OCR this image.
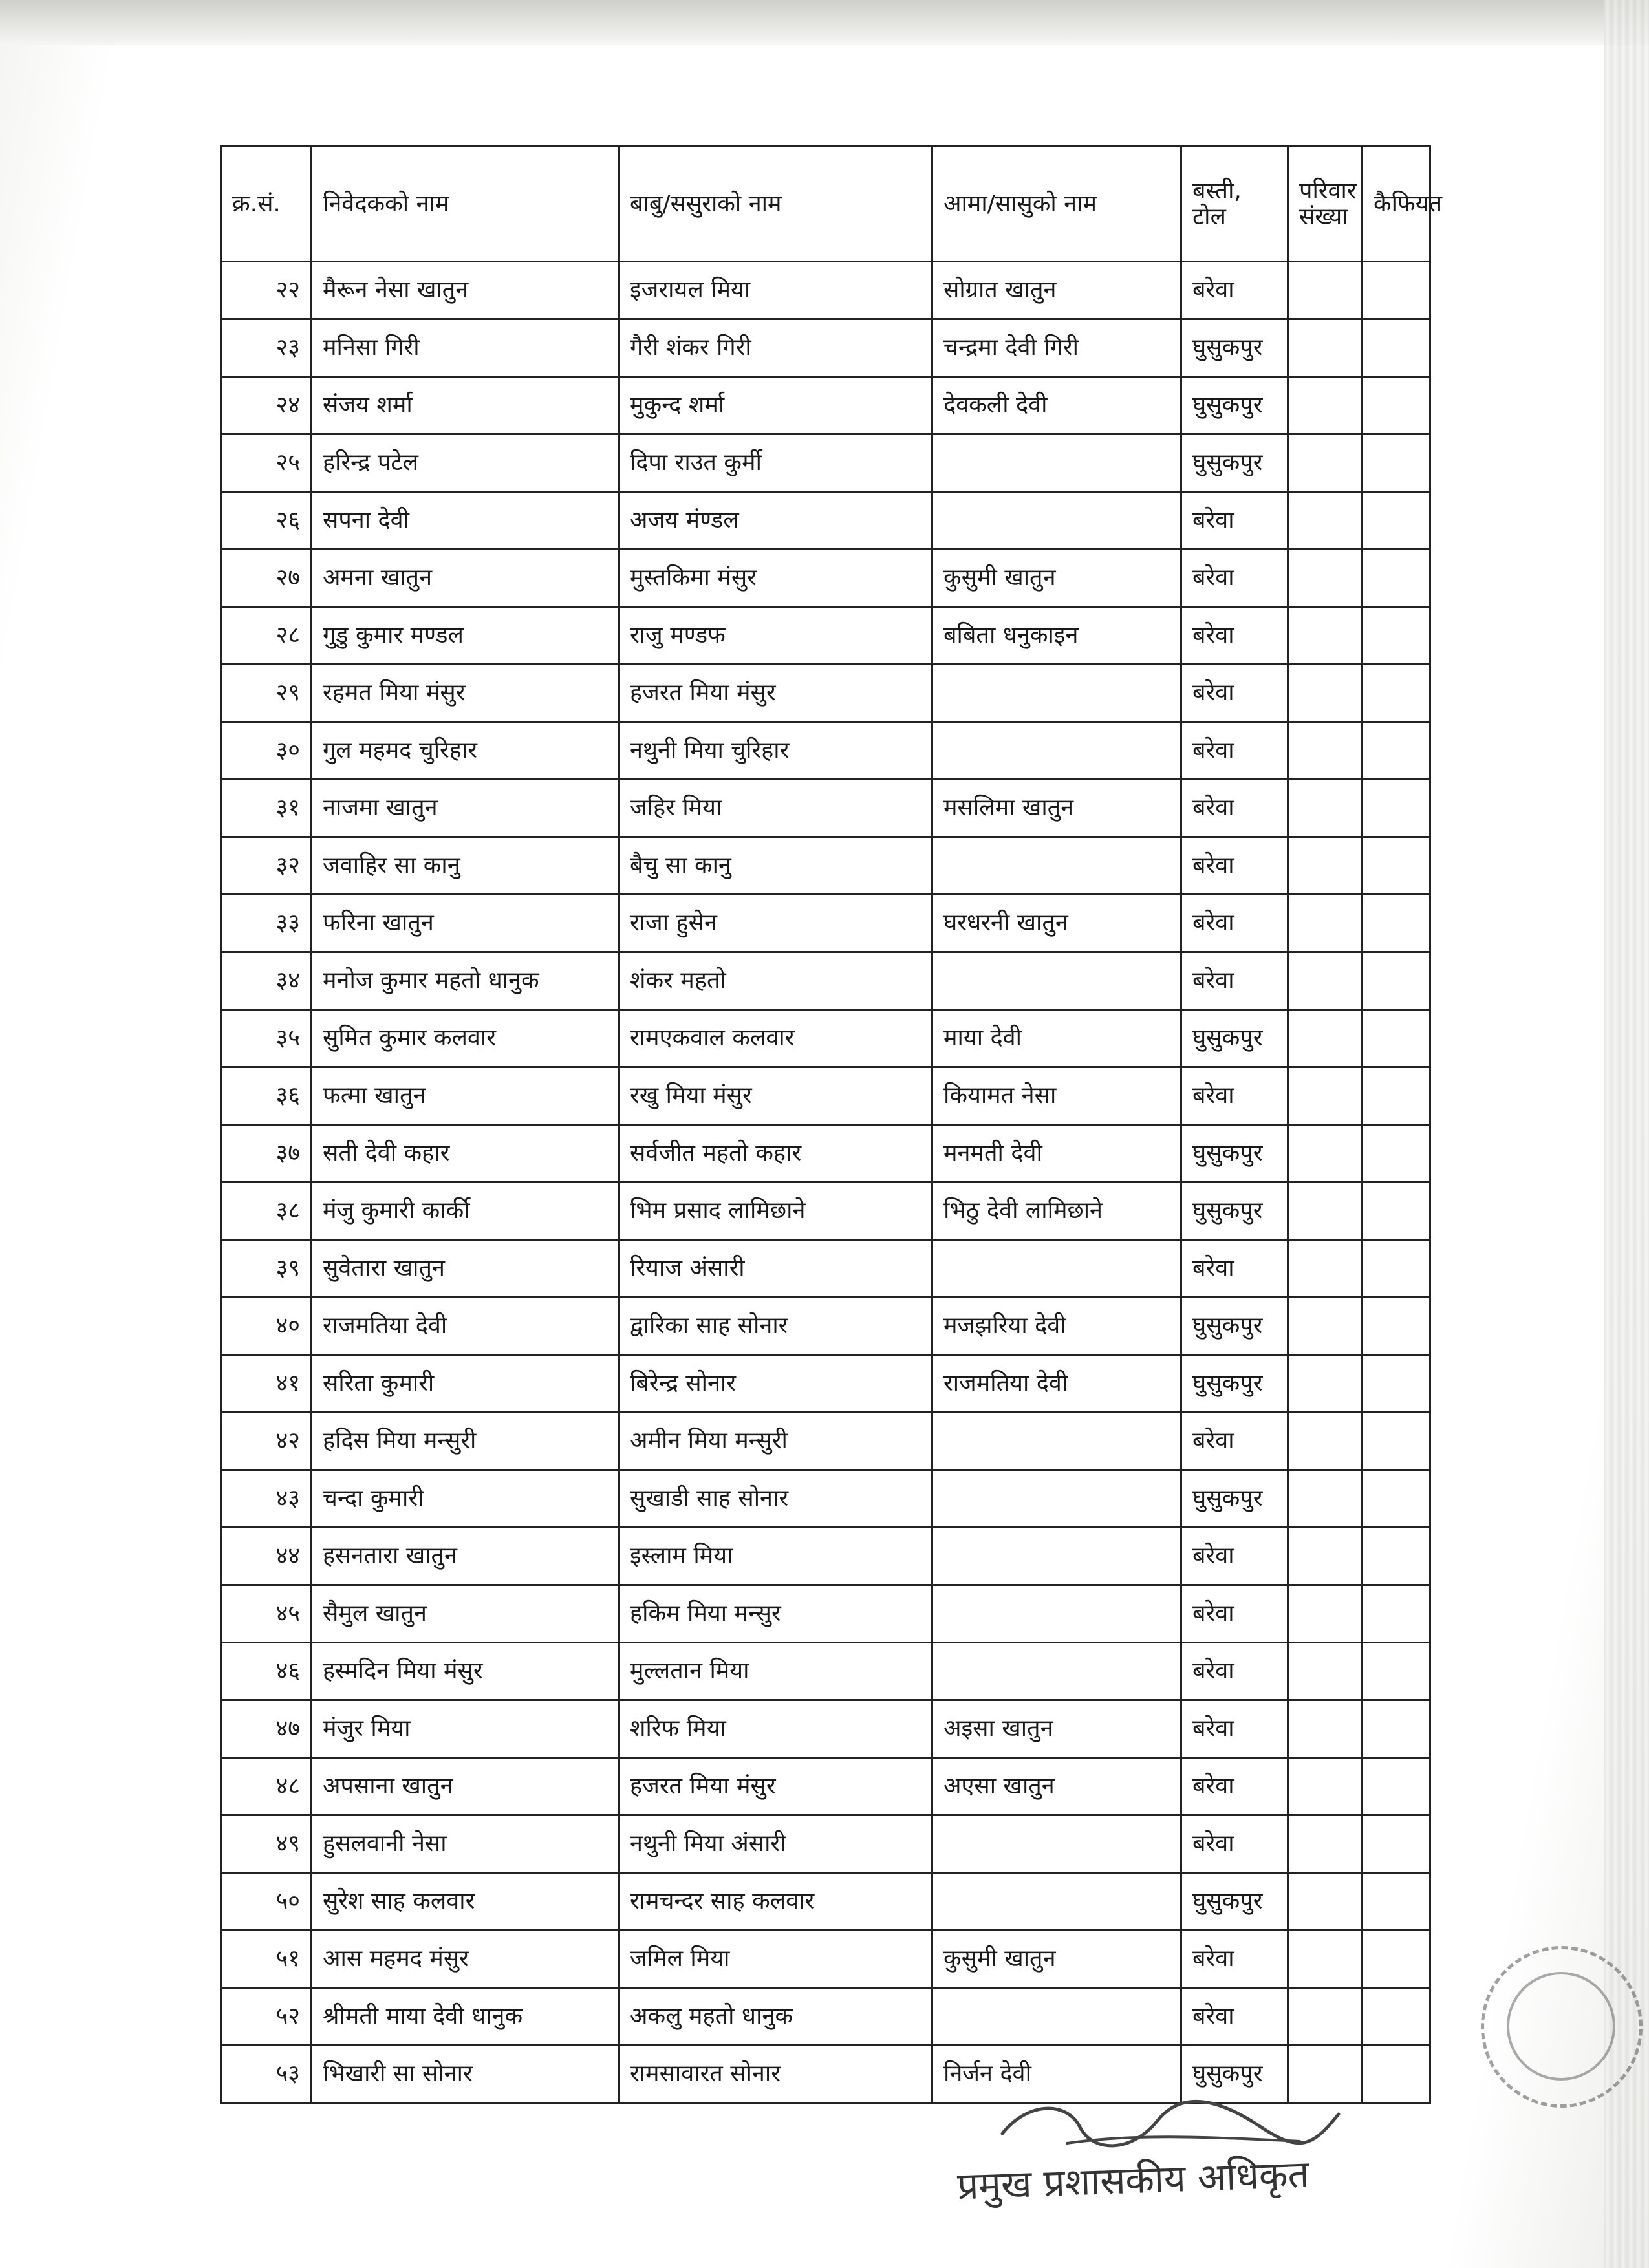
क्र.सं.	निवेदकको नाम	बाबु/ससुराको नाम	आमा/सासुको नाम	बस्ती, टोल	परिवार संख्या	कैफियत
२२	मैरून नेसा खातुन	इजरायल मिया	सोग्रात खातुन	बरेवा		
२३	मनिसा गिरी	गैरी शंकर गिरी	चन्द्रमा देवी गिरी	घुसुकपुर		
२४	संजय शर्मा	मुकुन्द शर्मा	देवकली देवी	घुसुकपुर		
२५	हरिन्द्र पटेल	दिपा राउत कुर्मी		घुसुकपुर		
२६	सपना देवी	अजय मंण्डल		बरेवा		
२७	अमना खातुन	मुस्तकिमा मंसुर	कुसुमी खातुन	बरेवा		
२८	गुडु कुमार मण्डल	राजु मण्डफ	बबिता धनुकाइन	बरेवा		
२९	रहमत मिया मंसुर	हजरत मिया मंसुर		बरेवा		
३०	गुल महमद चुरिहार	नथुनी मिया चुरिहार		बरेवा		
३१	नाजमा खातुन	जहिर मिया	मसलिमा खातुन	बरेवा		
३२	जवाहिर सा कानु	बैचु सा कानु		बरेवा		
३३	फरिना खातुन	राजा हुसेन	घरधरनी खातुन	बरेवा		
३४	मनोज कुमार महतो धानुक	शंकर महतो		बरेवा		
३५	सुमित कुमार कलवार	रामएकवाल कलवार	माया देवी	घुसुकपुर		
३६	फत्मा खातुन	रखु मिया मंसुर	कियामत नेसा	बरेवा		
३७	सती देवी कहार	सर्वजीत महतो कहार	मनमती देवी	घुसुकपुर		
३८	मंजु कुमारी कार्की	भिम प्रसाद लामिछाने	भिठु देवी लामिछाने	घुसुकपुर		
३९	सुवेतारा खातुन	रियाज अंसारी		बरेवा		
४०	राजमतिया देवी	द्वारिका साह सोनार	मजझरिया देवी	घुसुकपुर		
४१	सरिता कुमारी	बिरेन्द्र सोनार	राजमतिया देवी	घुसुकपुर		
४२	हदिस मिया मन्सुरी	अमीन मिया मन्सुरी		बरेवा		
४३	चन्दा कुमारी	सुखाडी साह सोनार		घुसुकपुर		
४४	हसनतारा खातुन	इस्लाम मिया		बरेवा		
४५	सैमुल खातुन	हकिम मिया मन्सुर		बरेवा		
४६	हस्मदिन मिया मंसुर	मुल्लतान मिया		बरेवा		
४७	मंजुर मिया	शरिफ मिया	अइसा खातुन	बरेवा		
४८	अपसाना खातुन	हजरत मिया मंसुर	अएसा खातुन	बरेवा		
४९	हुसलवानी नेसा	नथुनी मिया अंसारी		बरेवा		
५०	सुरेश साह कलवार	रामचन्दर साह कलवार		घुसुकपुर		
५१	आस महमद मंसुर	जमिल मिया	कुसुमी खातुन	बरेवा		
५२	श्रीमती माया देवी धानुक	अकलु महतो धानुक		बरेवा		
५३	भिखारी सा सोनार	रामसावारत सोनार	निर्जन देवी	घुसुकपुर		
प्रमुख प्रशासकीय अधिकृत
